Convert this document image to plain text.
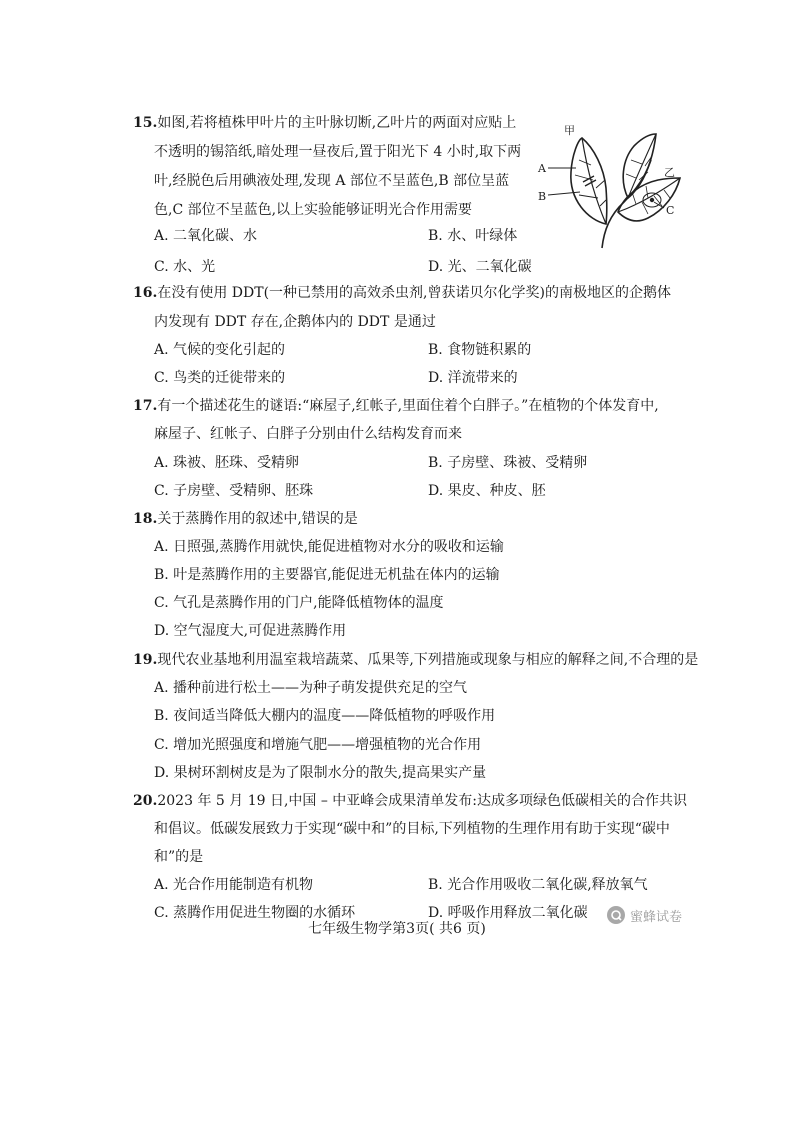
15.如图,若将植株甲叶片的主叶脉切断,乙叶片的两面对应贴上
不透明的锡箔纸,暗处理一昼夜后,置于阳光下 4 小时,取下两
叶,经脱色后用碘液处理,发现 A 部位不呈蓝色,B 部位呈蓝
色,C 部位不呈蓝色,以上实验能够证明光合作用需要
A. 二氧化碳、水	B. 水、叶绿体
C. 水、光	D. 光、二氧化碳
甲
乙
A
B
C
16.在没有使用 DDT(一种已禁用的高效杀虫剂,曾获诺贝尔化学奖)的南极地区的企鹅体
内发现有 DDT 存在,企鹅体内的 DDT 是通过
A. 气候的变化引起的	B. 食物链积累的
C. 鸟类的迁徙带来的	D. 洋流带来的
17.有一个描述花生的谜语:“麻屋子,红帐子,里面住着个白胖子。”在植物的个体发育中,
麻屋子、红帐子、白胖子分别由什么结构发育而来
A. 珠被、胚珠、受精卵	B. 子房壁、珠被、受精卵
C. 子房壁、受精卵、胚珠	D. 果皮、种皮、胚
18.关于蒸腾作用的叙述中,错误的是
A. 日照强,蒸腾作用就快,能促进植物对水分的吸收和运输
B. 叶是蒸腾作用的主要器官,能促进无机盐在体内的运输
C. 气孔是蒸腾作用的门户,能降低植物体的温度
D. 空气湿度大,可促进蒸腾作用
19.现代农业基地利用温室栽培蔬菜、瓜果等,下列措施或现象与相应的解释之间,不合理的是
A. 播种前进行松土——为种子萌发提供充足的空气
B. 夜间适当降低大棚内的温度——降低植物的呼吸作用
C. 增加光照强度和增施气肥——增强植物的光合作用
D. 果树环割树皮是为了限制水分的散失,提高果实产量
20.2023 年 5 月 19 日,中国 – 中亚峰会成果清单发布:达成多项绿色低碳相关的合作共识
和倡议。低碳发展致力于实现“碳中和”的目标,下列植物的生理作用有助于实现“碳中
和”的是
A. 光合作用能制造有机物	B. 光合作用吸收二氧化碳,释放氧气
C. 蒸腾作用促进生物圈的水循环	D. 呼吸作用释放二氧化碳	蜜蜂试卷
七年级生物学第3页( 共6 页)
